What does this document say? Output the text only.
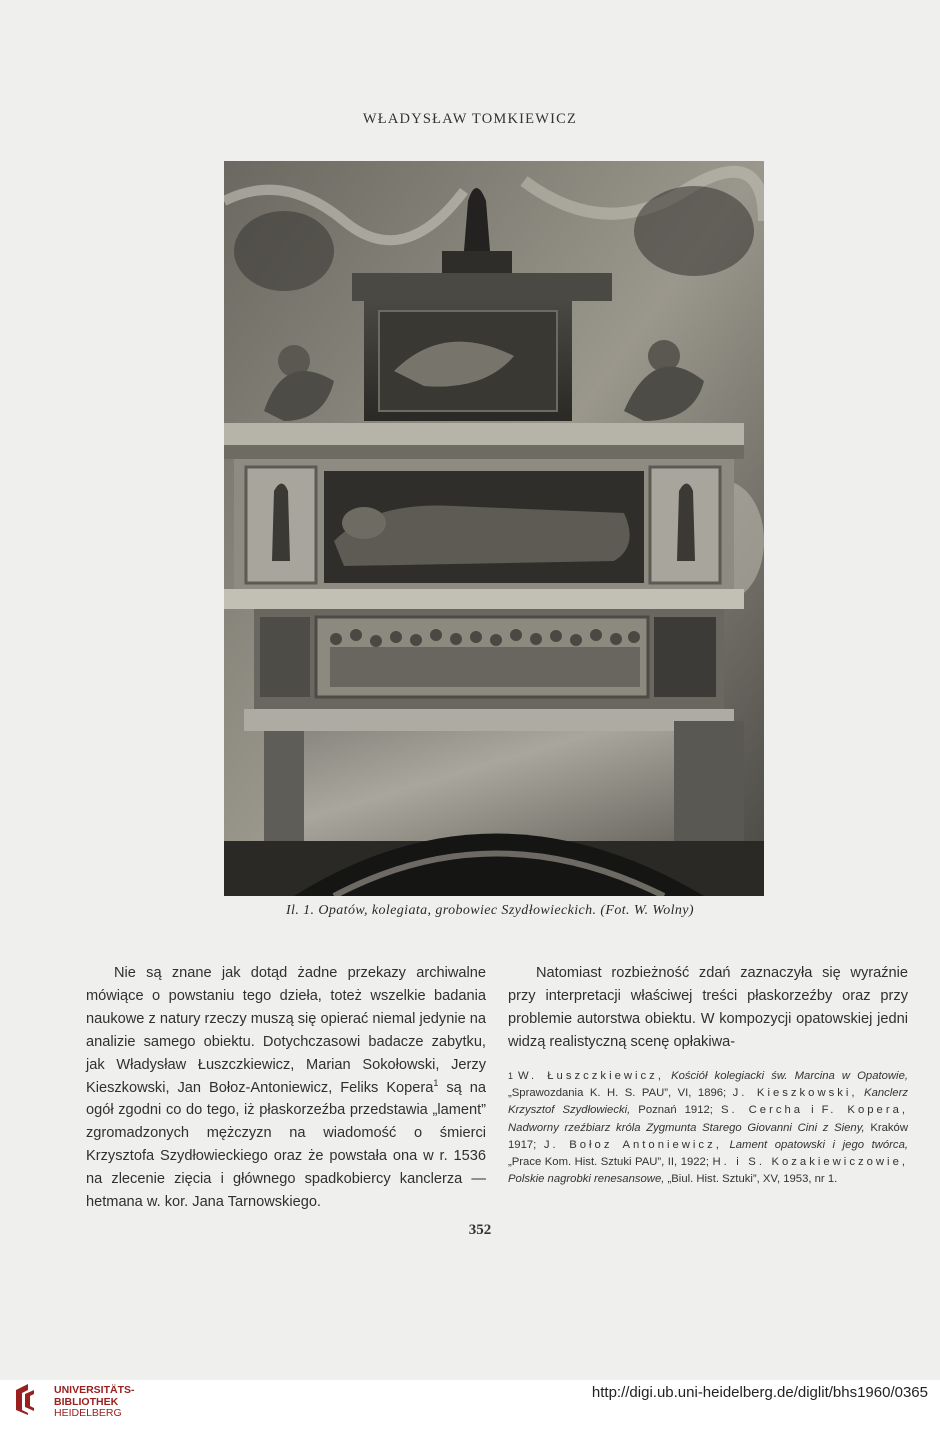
WŁADYSŁAW TOMKIEWICZ
Il. 1. Opatów, kolegiata, grobowiec Szydłowieckich. (Fot. W. Wolny)

Nie są znane jak dotąd żadne przekazy archiwalne mówiące o powstaniu tego dzieła, toteż wszelkie badania naukowe z natury rzeczy muszą się opierać niemal jedynie na analizie samego obiektu. Dotychczasowi badacze zabytku, jak Władysław Łuszczkiewicz, Marian Sokołowski, Jerzy Kieszkowski, Jan Bołoz-Antoniewicz, Feliks Kopera$^1$ są na ogół zgodni co do tego, iż płaskorzeźba przedstawia „lament” zgromadzonych mężczyzn na wiadomość o śmierci Krzysztofa Szydłowieckiego oraz że powstała ona w r. 1536 na zlecenie zięcia i głównego spadkobiercy kanclerza — hetmana w. kor. Jana Tarnowskiego.

Natomiast rozbieżność zdań zaznaczyła się wyraźnie przy interpretacji właściwej treści płaskorzeźby oraz przy problemie autorstwa obiektu. W kompozycji opatowskiej jedni widzą realistyczną scenę opłakiwa-

1 W. Łuszczkiewicz, Kościół kolegiacki św. Marcina w Opatowie, „Sprawozdania K. H. S. PAU”, VI, 1896; J. Kieszkowski, Kanclerz Krzysztof Szydłowiecki, Poznań 1912; S. Cercha i F. Kopera, Nadworny rzeźbiarz króla Zygmunta Starego Giovanni Cini z Sieny, Kraków 1917; J. Bołoz Antoniewicz, Lament opatowski i jego twórca, „Prace Kom. Hist. Sztuki PAU”, II, 1922; H. i S. Kozakiewiczowie, Polskie nagrobki renesansowe, „Biul. Hist. Sztuki”, XV, 1953, nr 1.
352
UNIVERSITÄTS-
BIBLIOTHEK
HEIDELBERG
http://digi.ub.uni-heidelberg.de/diglit/bhs1960/0365
